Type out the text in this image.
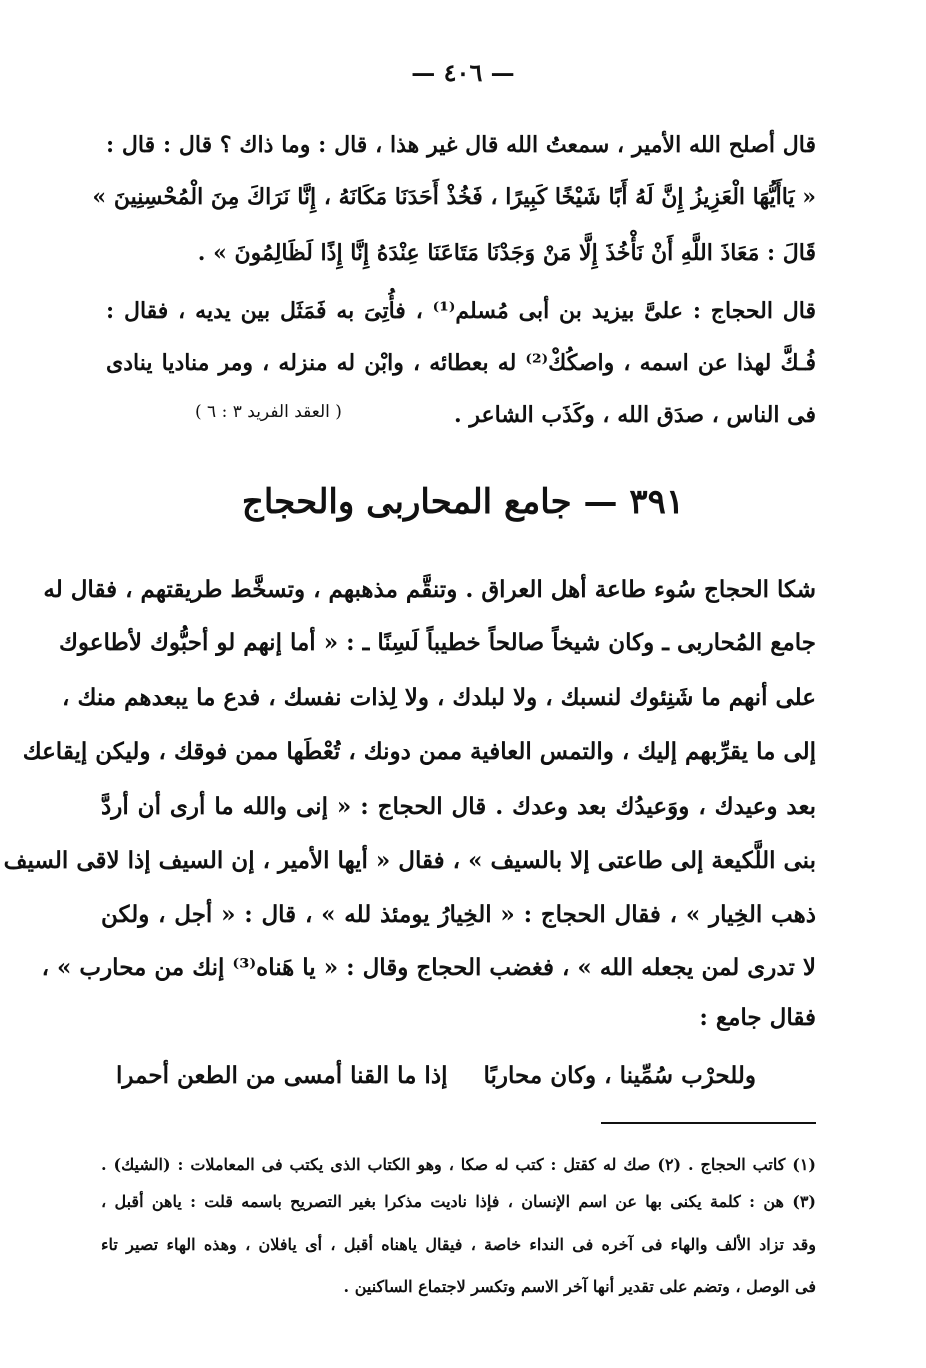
— ٤٠٦ —
قال أصلح الله الأمير ، سمعتُ الله قال غير هذا ، قال : وما ذاك ؟ قال : قال :
« يَاأَيُّهَا الْعَزِيزُ إِنَّ لَهُ أَبًا شَيْخًا كَبِيرًا ، فَخُذْ أَحَدَنَا مَكَانَهُ ، إِنَّا نَرَاكَ مِنَ الْمُحْسِنِينَ »
قَالَ : مَعَاذَ اللَّهِ أَنْ نَأْخُذَ إِلَّا مَنْ وَجَدْنَا مَتَاعَنَا عِنْدَهُ إِنَّا إِذًا لَظَالِمُونَ » .
قال الحجاج : علىَّ بيزيد بن أبى مُسلم⁽¹⁾ ، فأُتِىَ به فَمَثَل بين يديه ، فقال :
فُـكَّ لهذا عن اسمه ، واصكُكْ⁽²⁾ له بعطائه ، وابْن له منزله ، ومر مناديا ينادى
فى الناس ، صدَق الله ، وكَذَب الشاعر .
( العقد الفريد ٣ : ٦ )
٣٩١ — جامع المحاربى والحجاج
شكا الحجاج سُوء طاعة أهل العراق . وتنقَّم مذهبهم ، وتسخَّط طريقتهم ، فقال له
جامع المُحاربى ـ وكان شيخاً صالحاً خطيباً لَسِنًا ـ : « أما إنهم لو أحبُّوك لأطاعوك
على أنهم ما شَنِئوك لنسبك ، ولا لبلدك ، ولا لِذات نفسك ، فدع ما يبعدهم منك ،
إلى ما يقرِّبهم إليك ، والتمس العافية ممن دونك ، تُعْطَها ممن فوقك ، وليكن إيقاعك
بعد وعيدك ، ووَعيدُك بعد وعدك . قال الحجاج : « إنى والله ما أرى أن أردَّ
بنى اللَّكيعة إلى طاعتى إلا بالسيف » ، فقال « أيها الأمير ، إن السيف إذا لاقى السيف
ذهب الخِيار » ، فقال الحجاج : « الخِيارُ يومئذ لله » ، قال : « أجل ، ولكن
لا تدرى لمن يجعله الله » ، فغضب الحجاج وقال : « يا هَناه⁽³⁾ إنك من محارب » ،
فقال جامع :
وللحرْب سُمِّينا ، وكان محاربًا
إذا ما القنا أمسى من الطعن أحمرا
(١) كاتب الحجاج . (٢) صك له كقتل : كتب له صكا ، وهو الكتاب الذى يكتب فى المعاملات : (الشيك) .
(٣) هن : كلمة يكنى بها عن اسم الإنسان ، فإذا ناديت مذكرا بغير التصريح باسمه قلت : ياهن أقبل ،
وقد تزاد الألف والهاء فى آخره فى النداء خاصة ، فيقال ياهناه أقبل ، أى يافلان ، وهذه الهاء تصير تاء
فى الوصل ، وتضم على تقدير أنها آخر الاسم وتكسر لاجتماع الساكنين .
